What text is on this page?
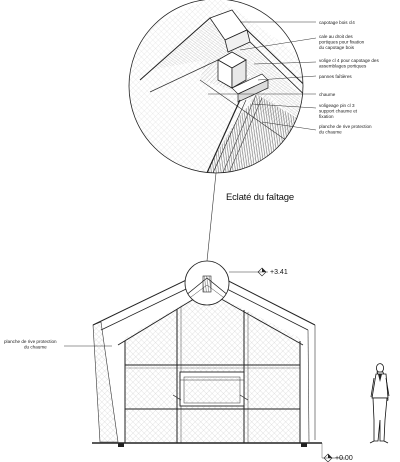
capotage bois cl4
cale au droit des portiques pour fixation du capotage bois
volige cl 4 pour capotage des assemblages portiques
pannes faîtières
chaume
voligeage pin cl 3 support chaume et fixation
planche de rive protection du chaume
Eclaté du faîtage
planche de rive protection du chaume
+3.41
+0.00
